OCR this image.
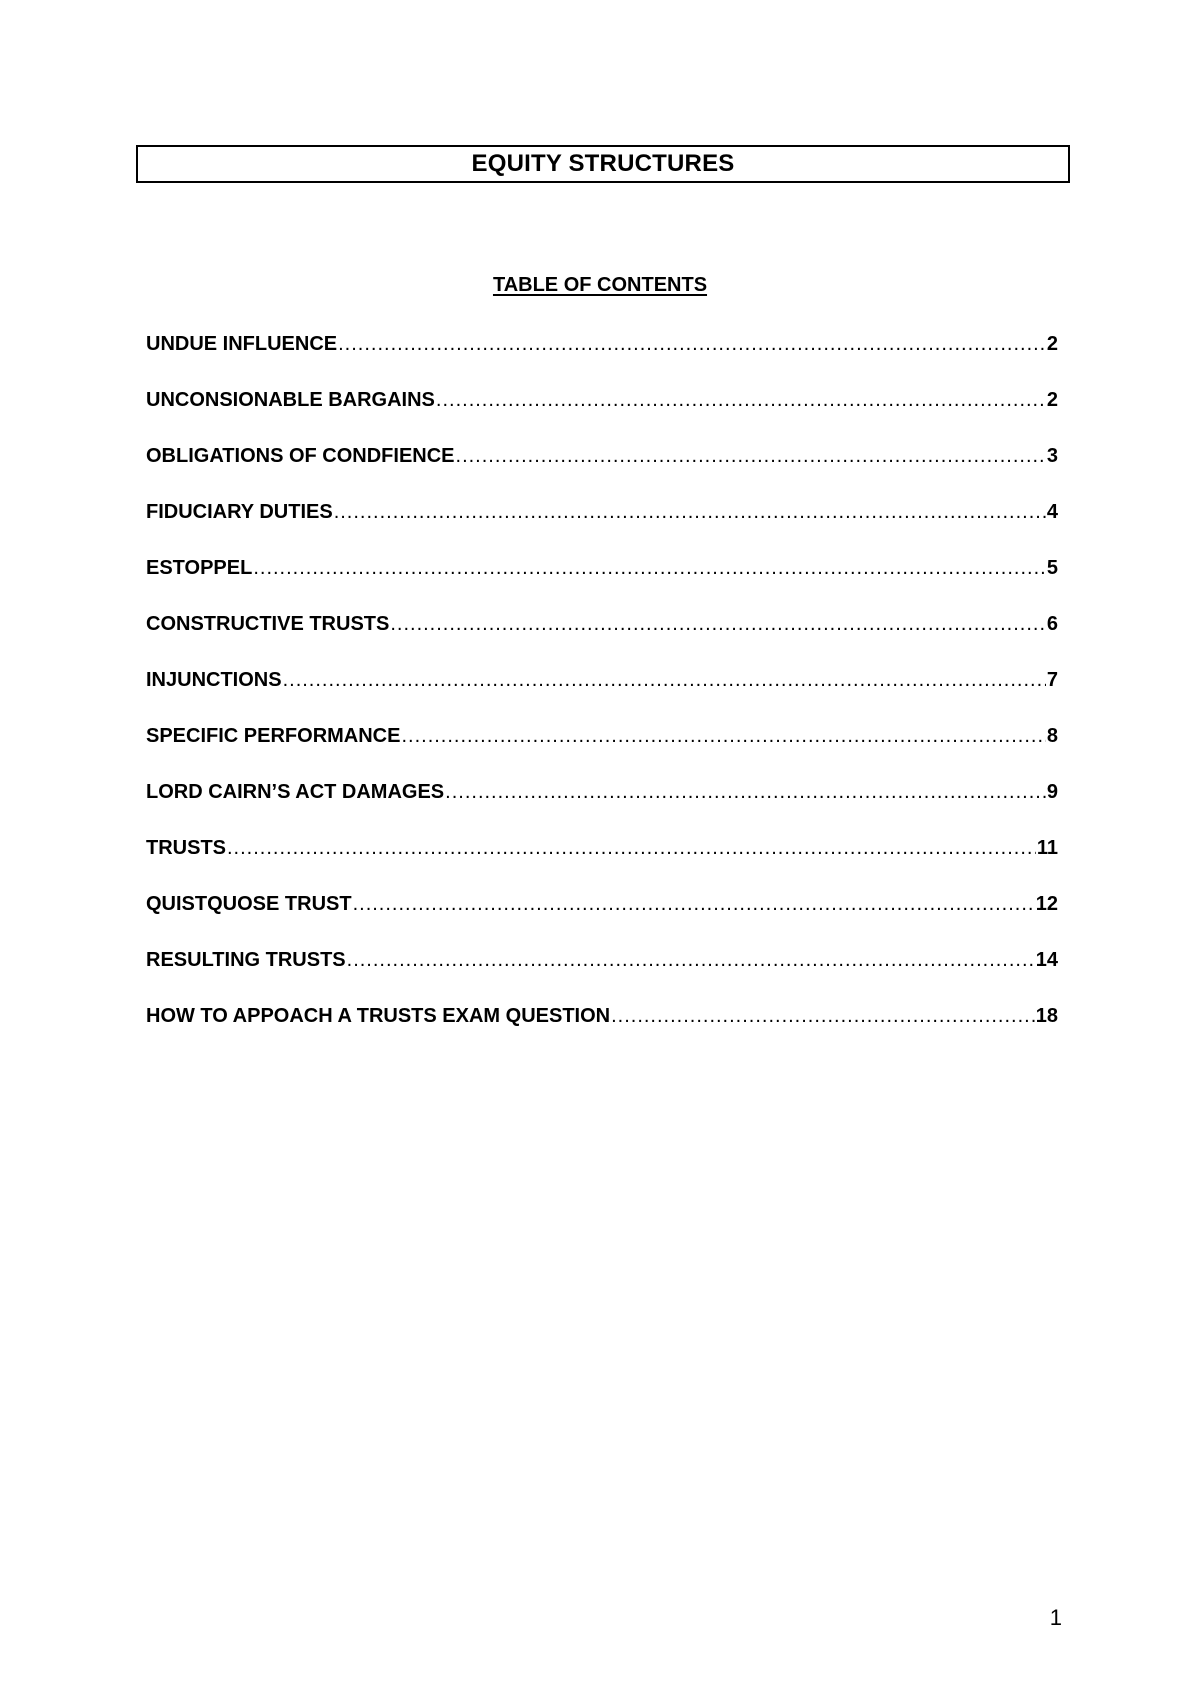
EQUITY STRUCTURES
TABLE OF CONTENTS
UNDUE INFLUENCE .....	2
UNCONSIONABLE BARGAINS .....	2
OBLIGATIONS OF CONDFIENCE .....	3
FIDUCIARY DUTIES .....	4
ESTOPPEL .....	5
CONSTRUCTIVE TRUSTS .....	6
INJUNCTIONS .....	7
SPECIFIC PERFORMANCE .....	8
LORD CAIRN’S ACT DAMAGES .....	9
TRUSTS .....	11
QUISTQUOSE TRUST .....	12
RESULTING TRUSTS .....	14
HOW TO APPOACH A TRUSTS EXAM QUESTION .....	18
1
